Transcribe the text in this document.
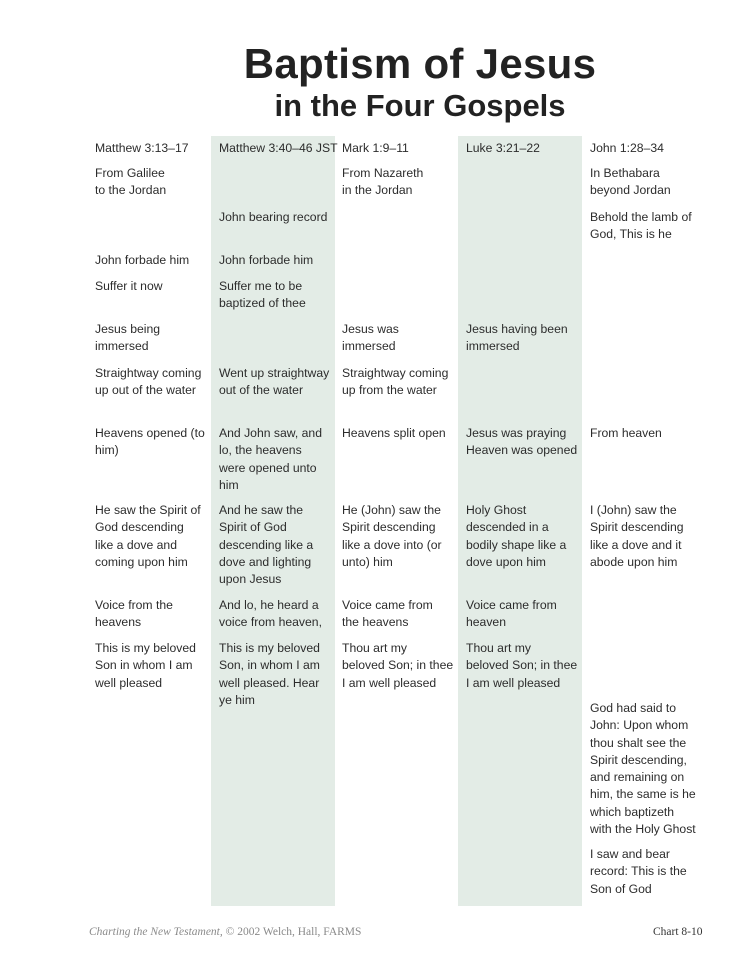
Baptism of Jesus
in the Four Gospels
Matthew 3:13–17
From Galilee
to the Jordan
John forbade him
Suffer it now
Jesus being
immersed
Straightway coming
up out of the water
Heavens opened (to
him)
He saw the Spirit of
God descending
like a dove and
coming upon him
Voice from the
heavens
This is my beloved
Son in whom I am
well pleased
Matthew 3:40–46 JST
John bearing record
John forbade him
Suffer me to be
baptized of thee
Went up straightway
out of the water
And John saw, and
lo, the heavens
were opened unto
him
And he saw the
Spirit of God
descending like a
dove and lighting
upon Jesus
And lo, he heard a
voice from heaven,
This is my beloved
Son, in whom I am
well pleased. Hear
ye him
Mark 1:9–11
From Nazareth
in the Jordan
Jesus was immersed
Straightway coming
up from the water
Heavens split open
He (John) saw the
Spirit descending
like a dove into (or
unto) him
Voice came from
the heavens
Thou art my
beloved Son; in thee
I am well pleased
Luke 3:21–22
Jesus having been
immersed
Jesus was praying
Heaven was opened
Holy Ghost
descended in a
bodily shape like a
dove upon him
Voice came from
heaven
Thou art my
beloved Son; in thee
I am well pleased
John 1:28–34
In Bethabara
beyond Jordan
Behold the lamb of
God, This is he
From heaven
I (John) saw the
Spirit descending
like a dove and it
abode upon him
God had said to
John: Upon whom
thou shalt see the
Spirit descending,
and remaining on
him, the same is he
which baptizeth
with the Holy Ghost
I saw and bear
record: This is the
Son of God
Charting the New Testament, © 2002 Welch, Hall, FARMS	Chart 8-10
